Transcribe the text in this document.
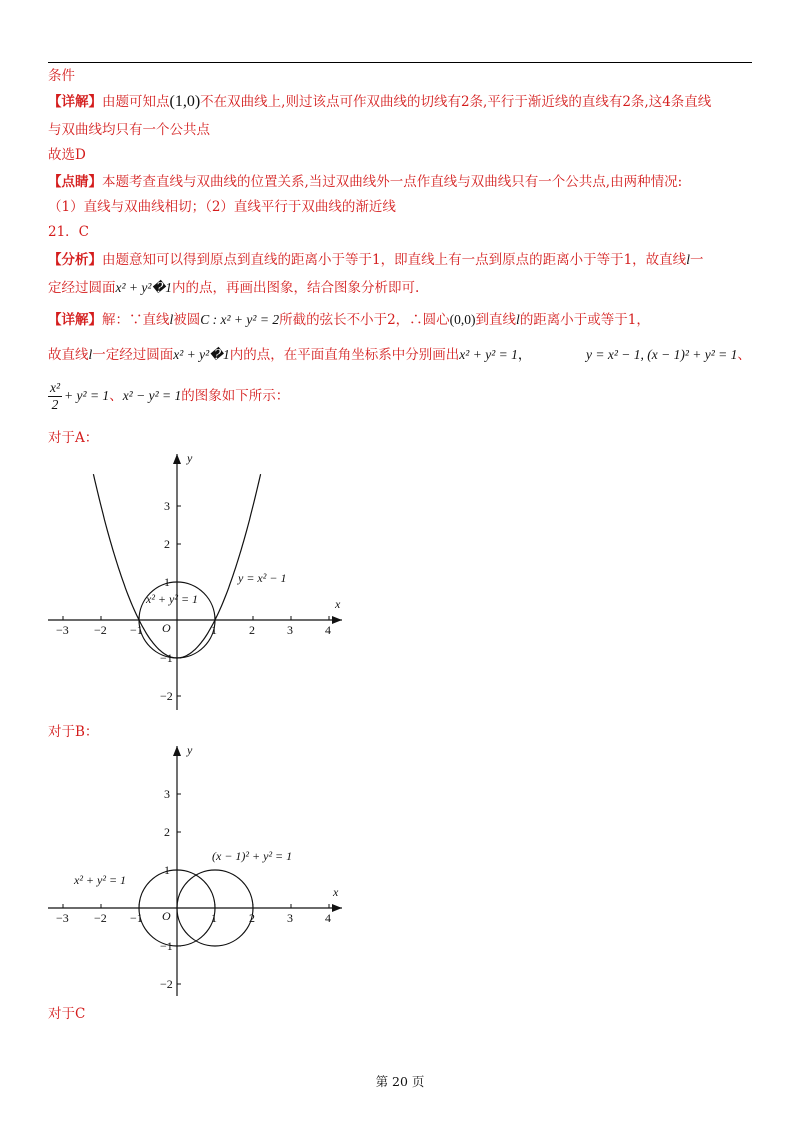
条件
【详解】由题可知点(1,0)不在双曲线上,则过该点可作双曲线的切线有2条,平行于渐近线的直线有2条,这4条直线
与双曲线均只有一个公共点
故选D
【点睛】本题考查直线与双曲线的位置关系,当过双曲线外一点作直线与双曲线只有一个公共点,由两种情况:
（1）直线与双曲线相切；（2）直线平行于双曲线的渐近线
21．C
【分析】由题意知可以得到原点到直线的距离小于等于1，即直线上有一点到原点的距离小于等于1，故直线l一
定经过圆面x² + y²�1内的点，再画出图象，结合图象分析即可.
【详解】解：∵直线l被圆C : x² + y² = 2所截的弦长不小于2，∴圆心(0,0)到直线l的距离小于或等于1，
故直线l一定经过圆面x² + y²�1内的点，在平面直角坐标系中分别画出x² + y² = 1，	y = x² − 1, (x − 1)² + y² = 1、
$\frac{\text{x²}}{2} + y^2 = 1$、x² − y² = 1的图象如下所示：
对于A：
x
y
−3 −2 −1	1	2	3	4
3
2
1
−1
−2
O
y = x² − 1
x² + y² = 1
对于B：
x
y
−3 −2 −1	1	2	3	4
3
2
1
−1
−2
O
x² + y² = 1
(x − 1)² + y² = 1
对于C
第 20 页
